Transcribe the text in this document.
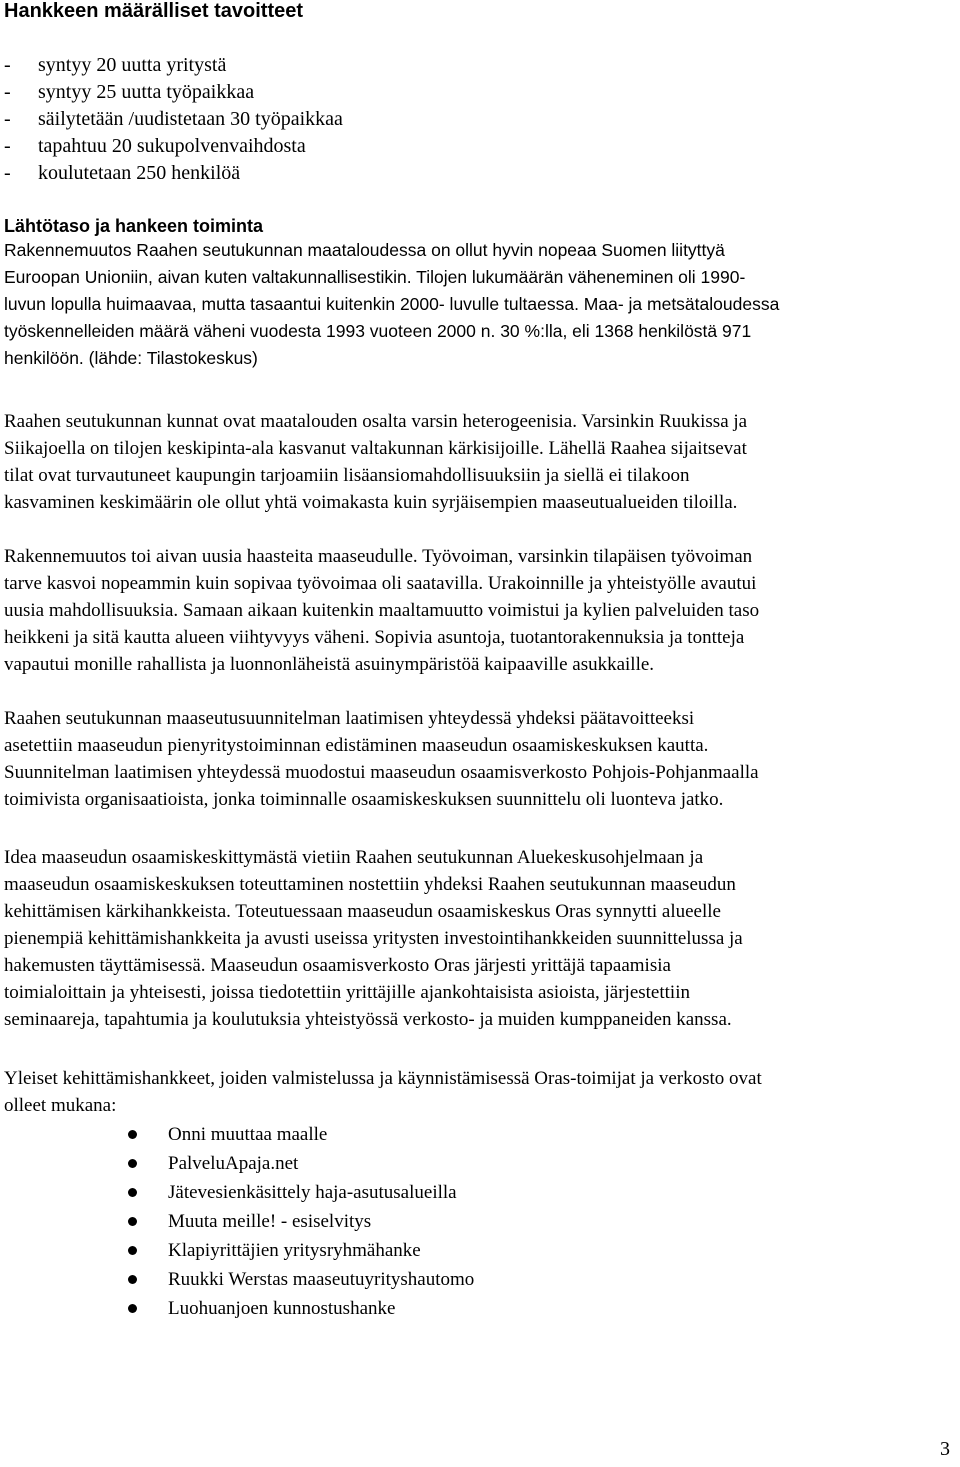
Hankkeen määrälliset tavoitteet
- syntyy 20 uutta yritystä
- syntyy 25 uutta työpaikkaa
- säilytetään /uudistetaan 30 työpaikkaa
- tapahtuu 20 sukupolvenvaihdosta
- koulutetaan 250 henkilöä
Lähtötaso ja hankeen toiminta
Rakennemuutos Raahen seutukunnan maataloudessa on ollut hyvin nopeaa Suomen liityttyä
Euroopan Unioniin, aivan kuten valtakunnallisestikin. Tilojen lukumäärän väheneminen oli 1990-
luvun lopulla huimaavaa, mutta tasaantui kuitenkin 2000- luvulle tultaessa. Maa- ja metsätaloudessa
työskennelleiden määrä väheni vuodesta 1993 vuoteen 2000 n. 30 %:lla, eli 1368 henkilöstä 971
henkilöön. (lähde: Tilastokeskus)
Raahen seutukunnan kunnat ovat maatalouden osalta varsin heterogeenisia. Varsinkin Ruukissa ja
Siikajoella on tilojen keskipinta-ala kasvanut valtakunnan kärkisijoille. Lähellä Raahea sijaitsevat
tilat ovat turvautuneet kaupungin tarjoamiin lisäansiomahdollisuuksiin ja siellä ei tilakoon
kasvaminen keskimäärin ole ollut yhtä voimakasta kuin syrjäisempien maaseutualueiden tiloilla.
Rakennemuutos toi aivan uusia haasteita maaseudulle. Työvoiman, varsinkin tilapäisen työvoiman
tarve kasvoi nopeammin kuin sopivaa työvoimaa oli saatavilla. Urakoinnille ja yhteistyölle avautui
uusia mahdollisuuksia. Samaan aikaan kuitenkin maaltamuutto voimistui ja kylien palveluiden taso
heikkeni ja sitä kautta alueen viihtyvyys väheni. Sopivia asuntoja, tuotantorakennuksia ja tontteja
vapautui monille rahallista ja luonnonläheistä asuinympäristöä kaipaaville asukkaille.
Raahen seutukunnan maaseutusuunnitelman laatimisen yhteydessä yhdeksi päätavoitteeksi
asetettiin maaseudun pienyritystoiminnan edistäminen maaseudun osaamiskeskuksen kautta.
Suunnitelman laatimisen yhteydessä muodostui maaseudun osaamisverkosto Pohjois-Pohjanmaalla
toimivista organisaatioista, jonka toiminnalle osaamiskeskuksen suunnittelu oli luonteva jatko.
Idea maaseudun osaamiskeskittymästä vietiin Raahen seutukunnan Aluekeskusohjelmaan ja
maaseudun osaamiskeskuksen toteuttaminen nostettiin yhdeksi Raahen seutukunnan maaseudun
kehittämisen kärkihankkeista. Toteutuessaan maaseudun osaamiskeskus Oras synnytti alueelle
pienempiä kehittämishankkeita ja avusti useissa yritysten investointihankkeiden suunnittelussa ja
hakemusten täyttämisessä. Maaseudun osaamisverkosto Oras järjesti yrittäjä tapaamisia
toimialoittain ja yhteisesti, joissa tiedotettiin yrittäjille ajankohtaisista asioista, järjestettiin
seminaareja, tapahtumia ja koulutuksia yhteistyössä verkosto- ja muiden kumppaneiden kanssa.
Yleiset kehittämishankkeet, joiden valmistelussa ja käynnistämisessä Oras-toimijat ja verkosto ovat
olleet mukana:
Onni muuttaa maalle
PalveluApaja.net
Jätevesienkäsittely haja-asutusalueilla
Muuta meille! - esiselvitys
Klapiyrittäjien yritysryhmähanke
Ruukki Werstas maaseutuyrityshautomo
Luohuanjoen kunnostushanke
3
